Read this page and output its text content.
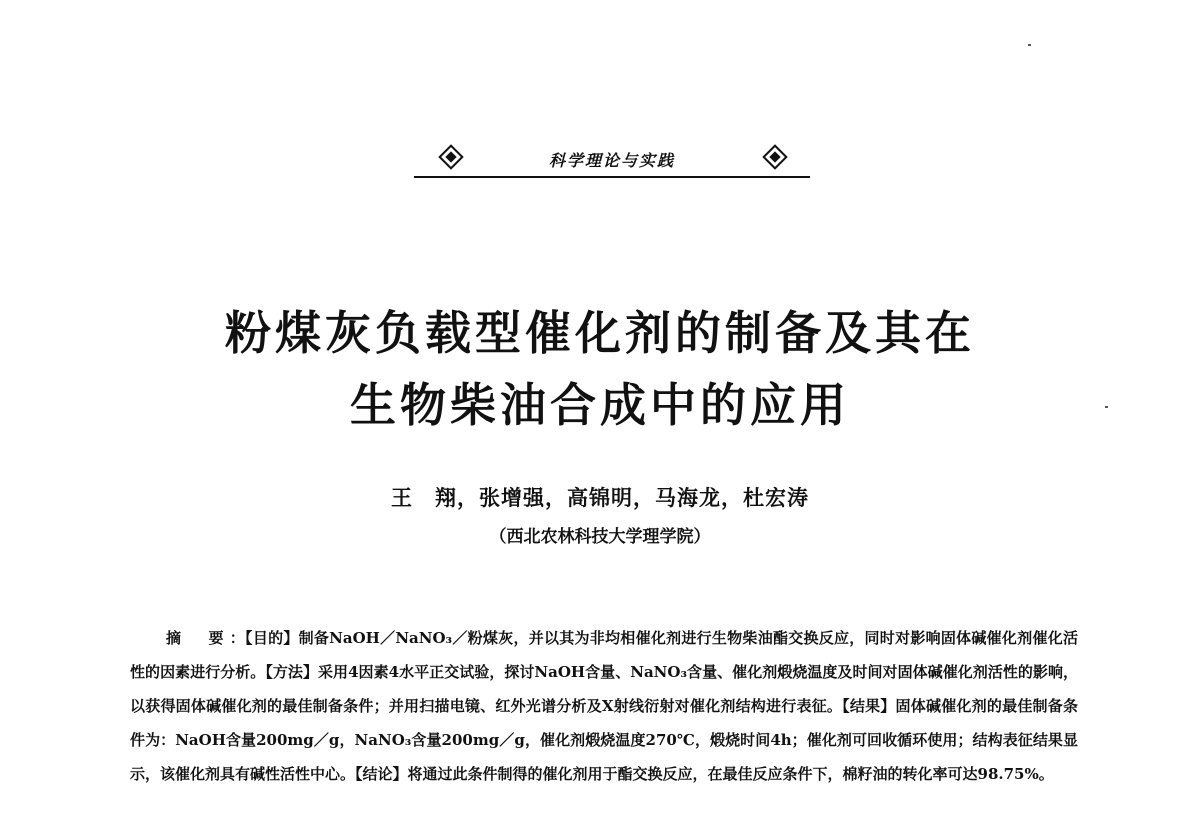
科学理论与实践
粉煤灰负载型催化剂的制备及其在
生物柴油合成中的应用
王　翔，张增强，高锦明，马海龙，杜宏涛
（西北农林科技大学理学院）
摘　要：【目的】制备NaOH／NaNO₃／粉煤灰，并以其为非均相催化剂进行生物柴油酯交换反应，同时对影响固体碱催化剂催化活性的因素进行分析。【方法】采用4因素4水平正交试验，探讨NaOH含量、NaNO₃含量、催化剂煅烧温度及时间对固体碱催化剂活性的影响，以获得固体碱催化剂的最佳制备条件；并用扫描电镜、红外光谱分析及X射线衍射对催化剂结构进行表征。【结果】固体碱催化剂的最佳制备条件为：NaOH含量200mg／g，NaNO₃含量200mg／g，催化剂煅烧温度270℃，煅烧时间4h；催化剂可回收循环使用；结构表征结果显示，该催化剂具有碱性活性中心。【结论】将通过此条件制得的催化剂用于酯交换反应，在最佳反应条件下，棉籽油的转化率可达98.75%。
